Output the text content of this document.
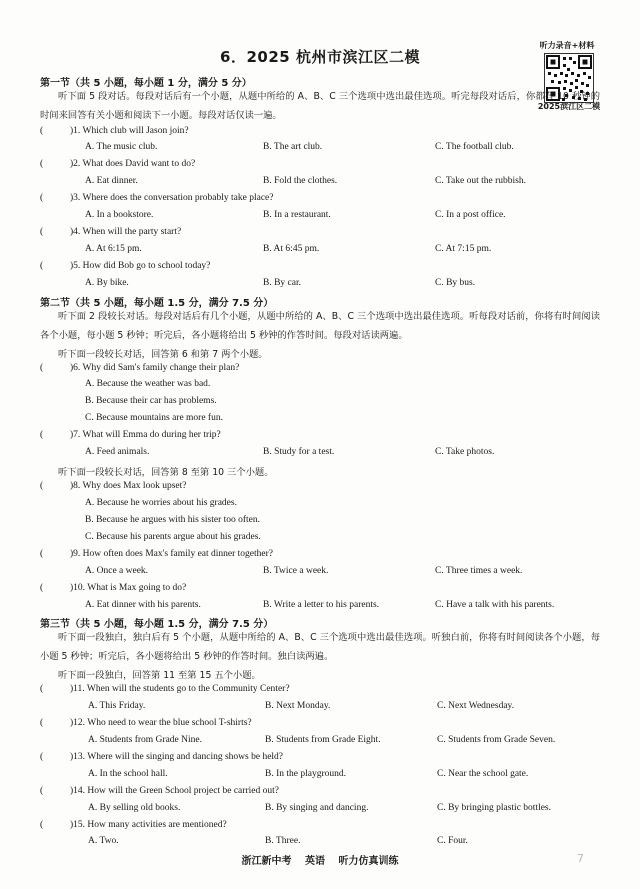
6．2025 杭州市滨江区二模
听力录音+材料
2025滨江区二模
第一节（共 5 小题，每小题 1 分，满分 5 分）
听下面 5 段对话。每段对话后有一个小题，从题中所给的 A、B、C 三个选项中选出最佳选项。听完每段对话后，你都有 10 秒钟的时间来回答有关小题和阅读下一小题。每段对话仅读一遍。
(	)1. Which club will Jason join?
A. The music club.	B. The art club.	C. The football club.
(	)2. What does David want to do?
A. Eat dinner.	B. Fold the clothes.	C. Take out the rubbish.
(	)3. Where does the conversation probably take place?
A. In a bookstore.	B. In a restaurant.	C. In a post office.
(	)4. When will the party start?
A. At 6:15 pm.	B. At 6:45 pm.	C. At 7:15 pm.
(	)5. How did Bob go to school today?
A. By bike.	B. By car.	C. By bus.
第二节（共 5 小题，每小题 1.5 分，满分 7.5 分）
听下面 2 段较长对话。每段对话后有几个小题，从题中所给的 A、B、C 三个选项中选出最佳选项。听每段对话前，你将有时间阅读各个小题，每小题 5 秒钟；听完后，各小题将给出 5 秒钟的作答时间。每段对话读两遍。
听下面一段较长对话，回答第 6 和第 7 两个小题。
(	)6. Why did Sam's family change their plan?
A. Because the weather was bad.
B. Because their car has problems.
C. Because mountains are more fun.
(	)7. What will Emma do during her trip?
A. Feed animals.	B. Study for a test.	C. Take photos.
听下面一段较长对话，回答第 8 至第 10 三个小题。
(	)8. Why does Max look upset?
A. Because he worries about his grades.
B. Because he argues with his sister too often.
C. Because his parents argue about his grades.
(	)9. How often does Max's family eat dinner together?
A. Once a week.	B. Twice a week.	C. Three times a week.
(	)10. What is Max going to do?
A. Eat dinner with his parents.	B. Write a letter to his parents.	C. Have a talk with his parents.
第三节（共 5 小题，每小题 1.5 分，满分 7.5 分）
听下面一段独白，独白后有 5 个小题，从题中所给的 A、B、C 三个选项中选出最佳选项。听独白前，你将有时间阅读各个小题，每小题 5 秒钟；听完后，各小题将给出 5 秒钟的作答时间。独白读两遍。
听下面一段独白，回答第 11 至第 15 五个小题。
(	)11. When will the students go to the Community Center?
A. This Friday.	B. Next Monday.	C. Next Wednesday.
(	)12. Who need to wear the blue school T-shirts?
A. Students from Grade Nine.	B. Students from Grade Eight.	C. Students from Grade Seven.
(	)13. Where will the singing and dancing shows be held?
A. In the school hall.	B. In the playground.	C. Near the school gate.
(	)14. How will the Green School project be carried out?
A. By selling old books.	B. By singing and dancing.	C. By bringing plastic bottles.
(	)15. How many activities are mentioned?
A. Two.	B. Three.	C. Four.
浙江新中考 英语 听力仿真训练	7
